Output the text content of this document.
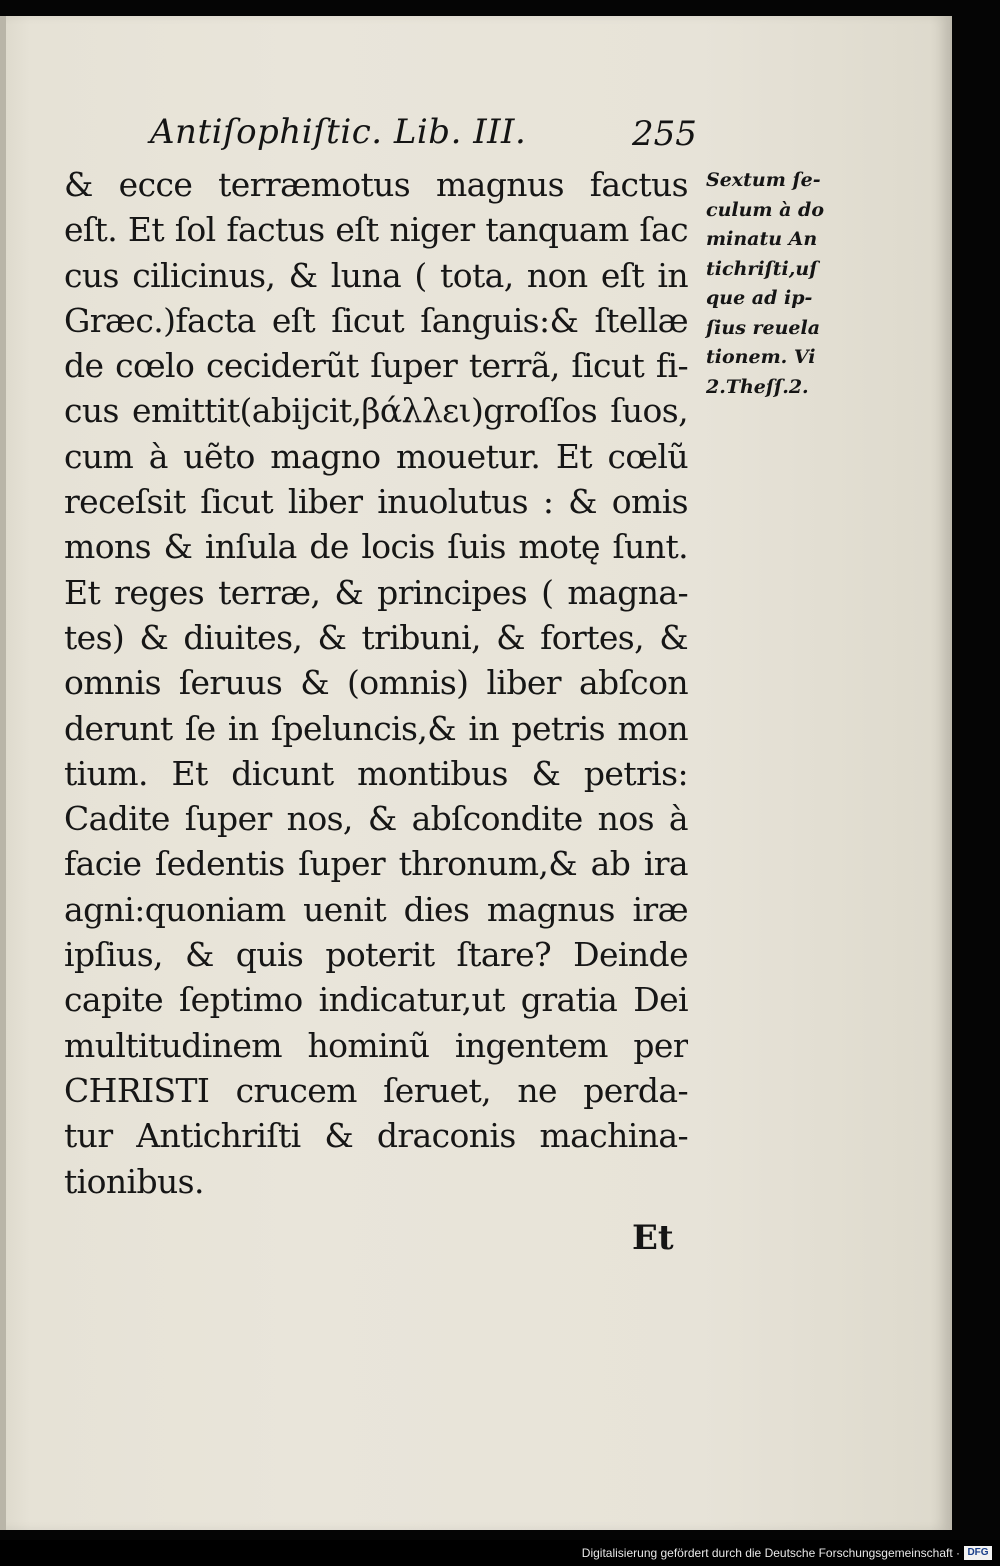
Antiſophiſtic. Lib. III.	255
& ecce terræmotus magnus factus
eſt. Et ſol factus eſt niger tanquam ſac
cus cilicinus, & luna ( tota, non eſt in
Græc.)facta eſt ſicut ſanguis:& ſtellæ
de cœlo ceciderũt ſuper terrã, ſicut fi-
cus emittit(abijcit,βάλλει)groſſos ſuos,
cum à uẽto magno mouetur. Et cœlũ
receſsit ſicut liber inuolutus : & omis
mons & inſula de locis ſuis motę ſunt.
Et reges terræ, & principes ( magna-
tes) & diuites, & tribuni, & fortes, &
omnis ſeruus & (omnis) liber abſcon
derunt ſe in ſpeluncis,& in petris mon
tium. Et dicunt montibus & petris:
Cadite ſuper nos, & abſcondite nos à
facie ſedentis ſuper thronum,& ab ira
agni:quoniam uenit dies magnus iræ
ipſius, & quis poterit ſtare? Deinde
capite ſeptimo indicatur,ut gratia Dei
multitudinem hominũ ingentem per
CHRISTI crucem ſeruet, ne perda-
tur Antichriſti & draconis machina-
tionibus.
Sextum ſe-
culum à do
minatu An
tichriſti,uſ
que ad ip-
ſius reuela
tionem. Vi
2.Theſſ.2.
Et
Digitalisierung gefördert durch die Deutsche Forschungsgemeinschaft · DFG
